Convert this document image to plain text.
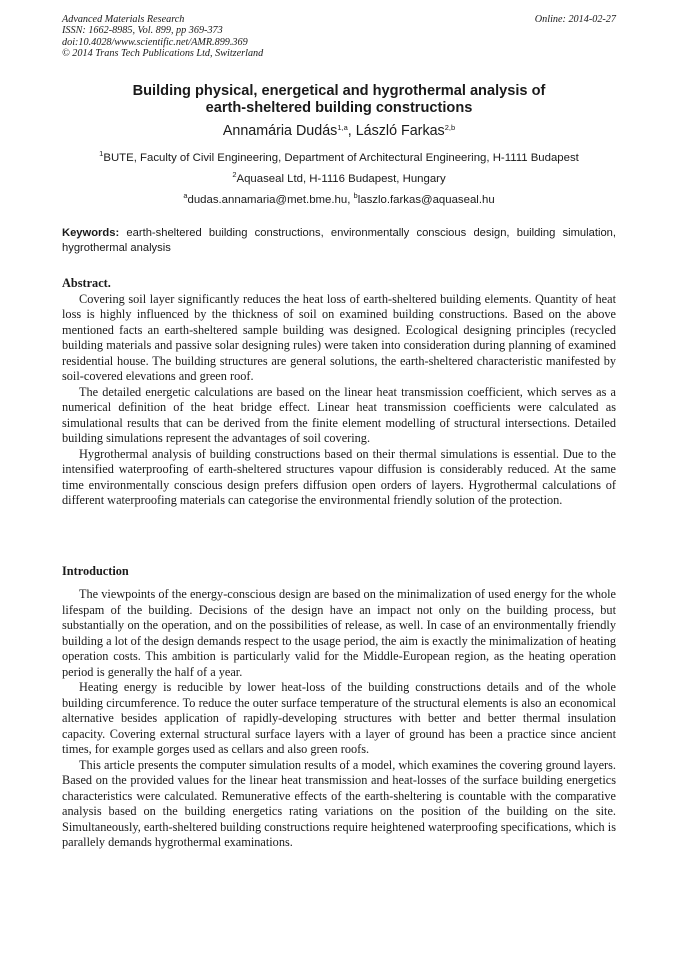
Advanced Materials Research
ISSN: 1662-8985, Vol. 899, pp 369-373
doi:10.4028/www.scientific.net/AMR.899.369
© 2014 Trans Tech Publications Ltd, Switzerland
Online: 2014-02-27
Building physical, energetical and hygrothermal analysis of
earth-sheltered building constructions
Annamária Dudás$^{1,a}$, László Farkas$^{2,b}$
$^1$BUTE, Faculty of Civil Engineering, Department of Architectural Engineering, H-1111 Budapest
$^2$Aquaseal Ltd, H-1116 Budapest, Hungary
$^a$dudas.annamaria@met.bme.hu, $^b$laszlo.farkas@aquaseal.hu
Keywords: earth-sheltered building constructions, environmentally conscious design, building simulation, hygrothermal analysis
Abstract.

Covering soil layer significantly reduces the heat loss of earth-sheltered building elements. Quantity of heat loss is highly influenced by the thickness of soil on examined building constructions. Based on the above mentioned facts an earth-sheltered sample building was designed. Ecological designing principles (recycled building materials and passive solar designing rules) were taken into consideration during planning of examined residential house. The building structures are general solutions, the earth-sheltered characteristic manifested by soil-covered elevations and green roof.

The detailed energetic calculations are based on the linear heat transmission coefficient, which serves as a numerical definition of the heat bridge effect. Linear heat transmission coefficients were calculated as simulational results that can be derived from the finite element modelling of structural intersections. Detailed building simulations represent the advantages of soil covering.

Hygrothermal analysis of building constructions based on their thermal simulations is essential. Due to the intensified waterproofing of earth-sheltered structures vapour diffusion is considerably reduced. At the same time environmentally conscious design prefers diffusion open orders of layers. Hygrothermal calculations of different waterproofing materials can categorise the environmental friendly solution of the protection.

Introduction

The viewpoints of the energy-conscious design are based on the minimalization of used energy for the whole lifespam of the building. Decisions of the design have an impact not only on the building process, but substantially on the operation, and on the possibilities of release, as well. In case of an environmentally friendly building a lot of the design demands respect to the usage period, the aim is exactly the minimalization of heating operation costs. This ambition is particularly valid for the Middle-European region, as the heating operation period is generally the half of a year.

Heating energy is reducible by lower heat-loss of the building constructions details and of the whole building circumference. To reduce the outer surface temperature of the structural elements is also an economical alternative besides application of rapidly-developing structures with better and better thermal insulation capacity. Covering external structural surface layers with a layer of ground has been a practice since ancient times, for example gorges used as cellars and also green roofs.

This article presents the computer simulation results of a model, which examines the covering ground layers. Based on the provided values for the linear heat transmission and heat-losses of the surface building energetics characteristics were calculated. Remunerative effects of the earth-sheltering is countable with the comparative analysis based on the building energetics rating variations on the position of the building on the site. Simultaneously, earth-sheltered building constructions require heightened waterproofing specifications, which is parallely demands hygrothermal examinations.
